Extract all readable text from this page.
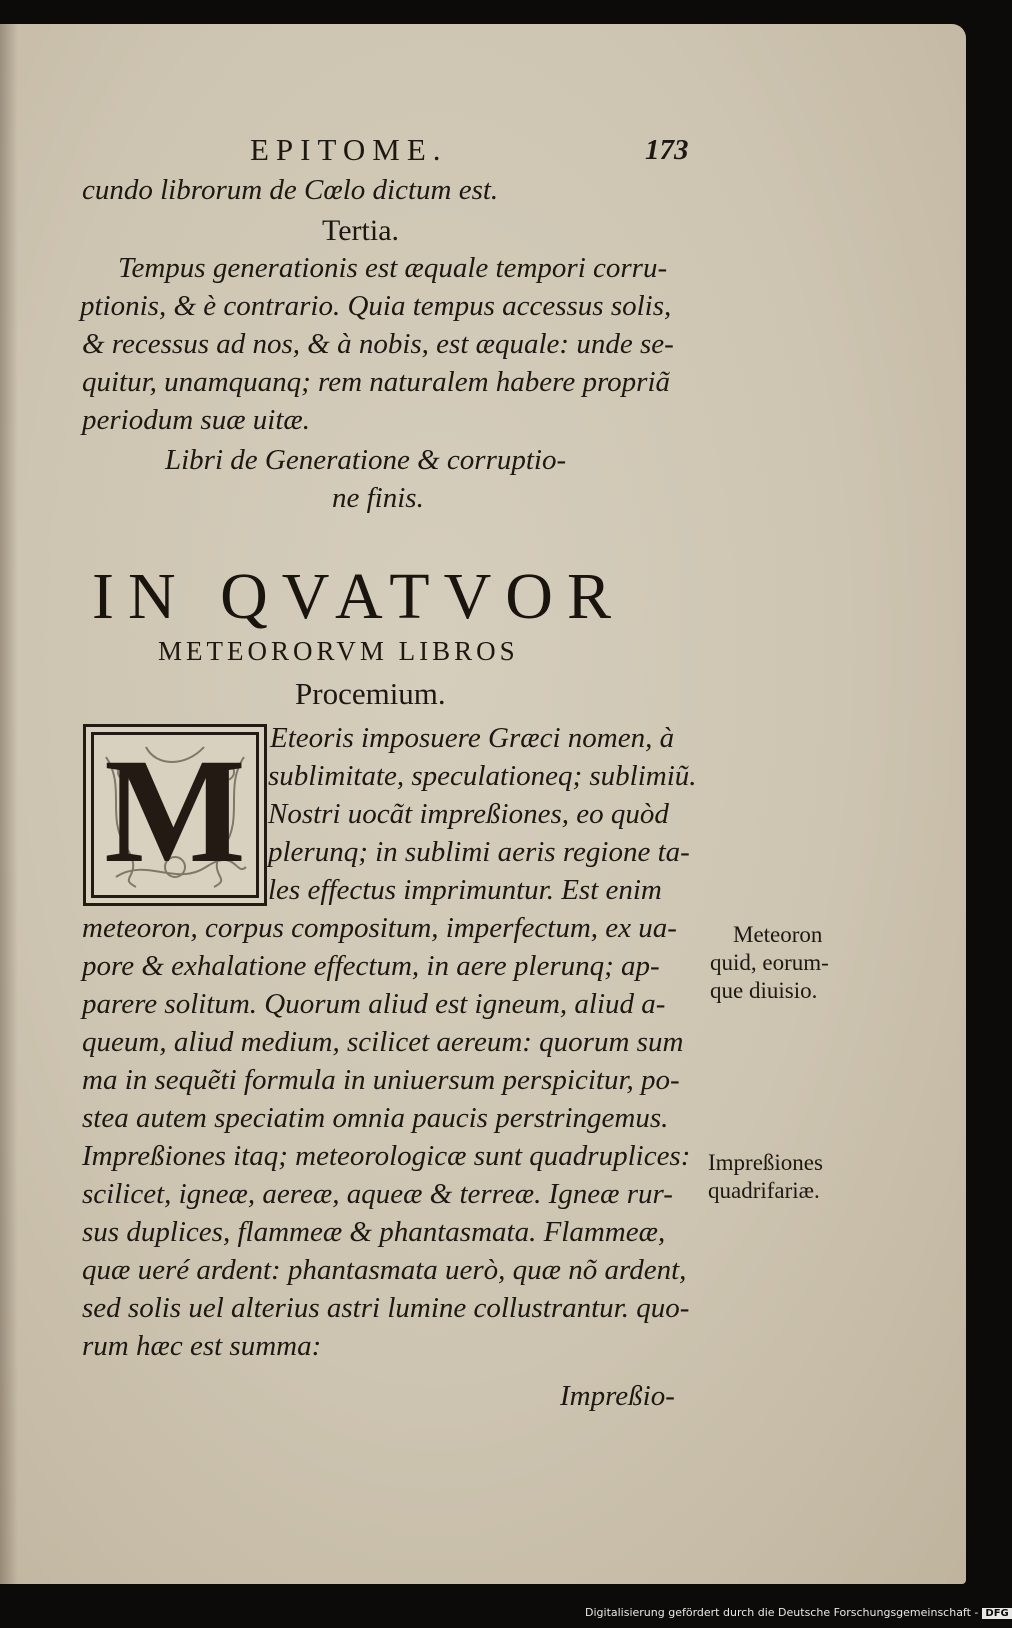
EPITOME.	173
cundo librorum de Cœlo dictum est.
Tertia.
Tempus generationis est æquale tempori corru-
ptionis, & è contrario. Quia tempus accessus solis,
& recessus ad nos, & à nobis, est æquale: unde se-
quitur, unamquanq; rem naturalem habere propriã
periodum suæ uitæ.
Libri de Generatione & corruptio-
ne finis.
IN QVATVOR
METEORORVM LIBROS
Procemium.
M Eteoris imposuere Græci nomen, à
sublimitate, speculationeq; sublimiũ.
Nostri uocãt impreßiones, eo quòd
plerunq; in sublimi aeris regione ta-
les effectus imprimuntur. Est enim
meteoron, corpus compositum, imperfectum, ex ua-
pore & exhalatione effectum, in aere plerunq; ap-
parere solitum. Quorum aliud est igneum, aliud a-
queum, aliud medium, scilicet aereum: quorum sum
ma in sequẽti formula in uniuersum perspicitur, po-
stea autem speciatim omnia paucis perstringemus.
Impreßiones itaq; meteorologicæ sunt quadruplices:
scilicet, igneæ, aereæ, aqueæ & terreæ. Igneæ rur-
sus duplices, flammeæ & phantasmata. Flammeæ,
quæ ueré ardent: phantasmata uerò, quæ nõ ardent,
sed solis uel alterius astri lumine collustrantur. quo-
rum hæc est summa:
Impreßio-
Meteoron
quid, eorum-
que diuisio.
Impreßiones
quadrifariæ.
Digitalisierung gefördert durch die Deutsche Forschungsgemeinschaft - DFG
